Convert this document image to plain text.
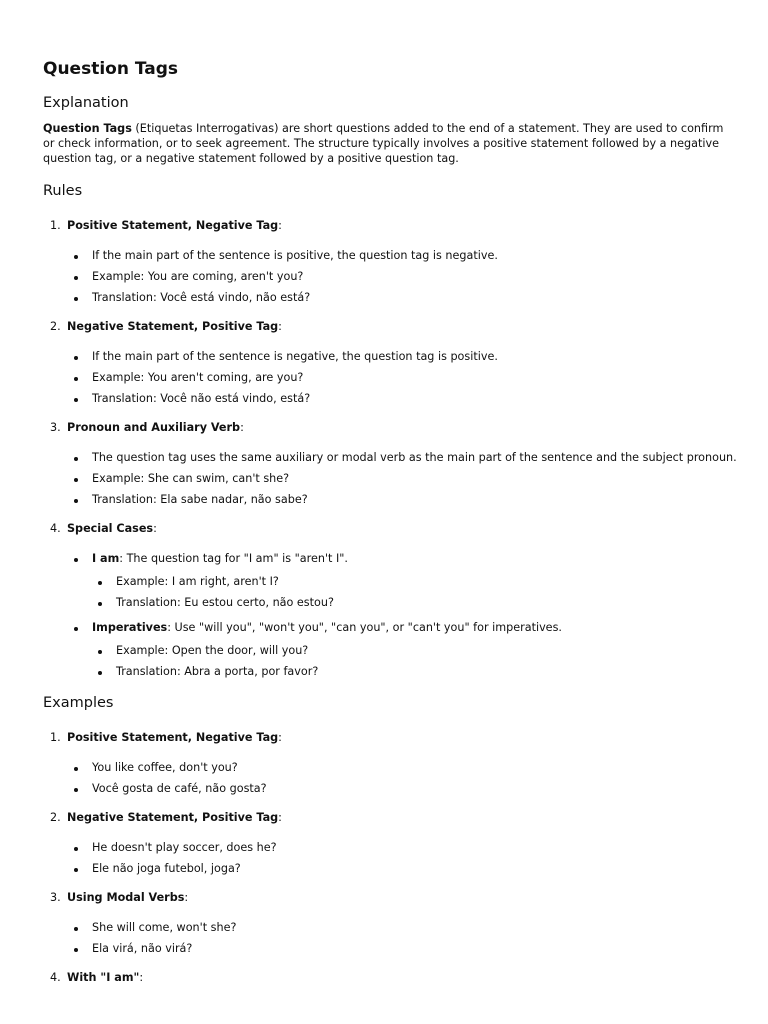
Question Tags
Explanation

Question Tags (Etiquetas Interrogativas) are short questions added to the end of a statement. They are used to confirm or check information, or to seek agreement. The structure typically involves a positive statement followed by a negative question tag, or a negative statement followed by a positive question tag.

Rules
1. Positive Statement, Negative Tag:
If the main part of the sentence is positive, the question tag is negative.
Example: You are coming, aren't you?
Translation: Você está vindo, não está?
2. Negative Statement, Positive Tag:
If the main part of the sentence is negative, the question tag is positive.
Example: You aren't coming, are you?
Translation: Você não está vindo, está?
3. Pronoun and Auxiliary Verb:
The question tag uses the same auxiliary or modal verb as the main part of the sentence and the subject pronoun.
Example: She can swim, can't she?
Translation: Ela sabe nadar, não sabe?
4. Special Cases:
I am: The question tag for "I am" is "aren't I".
Example: I am right, aren't I?
Translation: Eu estou certo, não estou?
Imperatives: Use "will you", "won't you", "can you", or "can't you" for imperatives.
Example: Open the door, will you?
Translation: Abra a porta, por favor?
Examples
1. Positive Statement, Negative Tag:
You like coffee, don't you?
Você gosta de café, não gosta?
2. Negative Statement, Positive Tag:
He doesn't play soccer, does he?
Ele não joga futebol, joga?
3. Using Modal Verbs:
She will come, won't she?
Ela virá, não virá?
4. With "I am":
